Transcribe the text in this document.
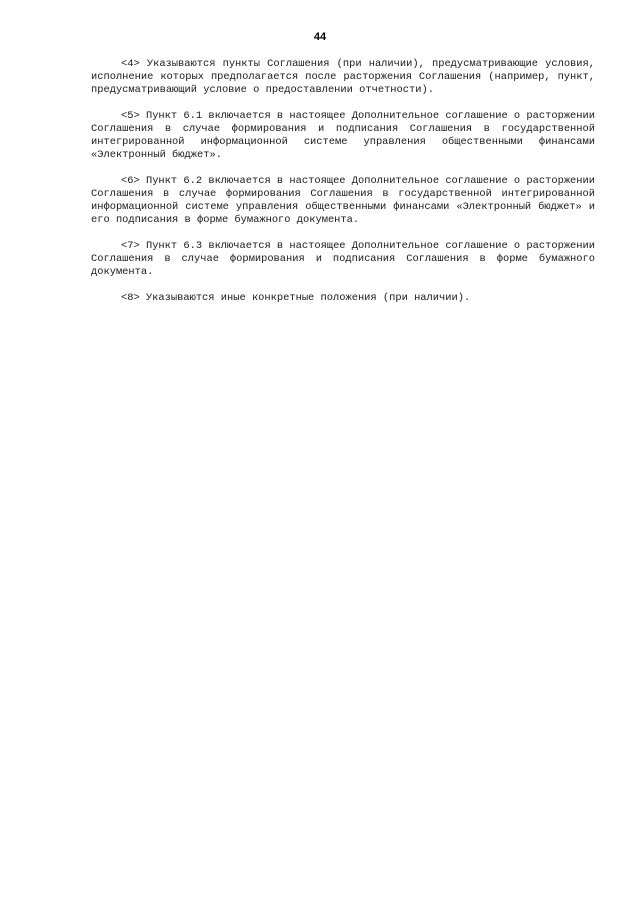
44

<4> Указываются пункты Соглашения (при наличии), предусматривающие условия, исполнение которых предполагается после расторжения Соглашения (например, пункт, предусматривающий условие о предоставлении отчетности).

<5> Пункт 6.1 включается в настоящее Дополнительное соглашение о расторжении Соглашения в случае формирования и подписания Соглашения в государственной интегрированной информационной системе управления общественными финансами «Электронный бюджет».

<6> Пункт 6.2 включается в настоящее Дополнительное соглашение о расторжении Соглашения в случае формирования Соглашения в государственной интегрированной информационной системе управления общественными финансами «Электронный бюджет» и его подписания в форме бумажного документа.

<7> Пункт 6.3 включается в настоящее Дополнительное соглашение о расторжении Соглашения в случае формирования и подписания Соглашения в форме бумажного документа.

<8> Указываются иные конкретные положения (при наличии).
